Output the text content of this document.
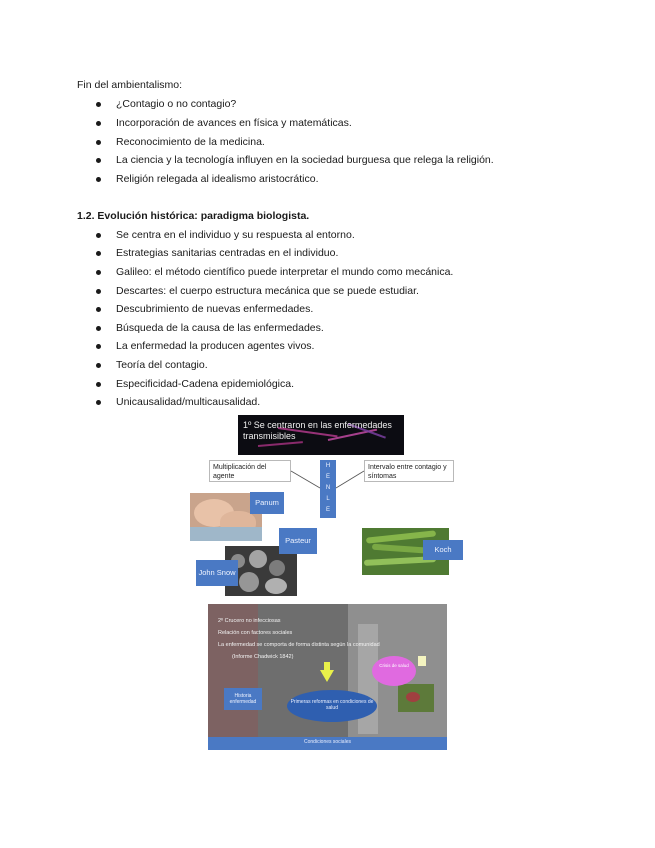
Fin del ambientalismo:
¿Contagio o no contagio?
Incorporación de avances en física y matemáticas.
Reconocimiento de la medicina.
La ciencia y la tecnología influyen en la sociedad burguesa que relega la religión.
Religión relegada al idealismo aristocrático.
1.2. Evolución histórica: paradigma biologista.
Se centra en el individuo y su respuesta al entorno.
Estrategias sanitarias centradas en el individuo.
Galileo: el método científico puede interpretar el mundo como mecánica.
Descartes: el cuerpo estructura mecánica que se puede estudiar.
Descubrimiento de nuevas enfermedades.
Búsqueda de la causa de las enfermedades.
La enfermedad la producen agentes vivos.
Teoría del contagio.
Especificidad-Cadena epidemiológica.
Unicausalidad/multicausalidad.
1º Se centraron en las enfermedades transmisibles
Multiplicación del agente
Intervalo entre contagio y síntomas
H
E
N
L
E
Panum
Pasteur
John Snow
Koch
2º Crucero no infecciosas
Relación con factores sociales
La enfermedad se comporta de forma distinta según la comunidad
(Informe Chadwick 1842)
Historia enfermedad
Condiciones sociales
Crisis de salud
Primeras reformas en condiciones de salud
